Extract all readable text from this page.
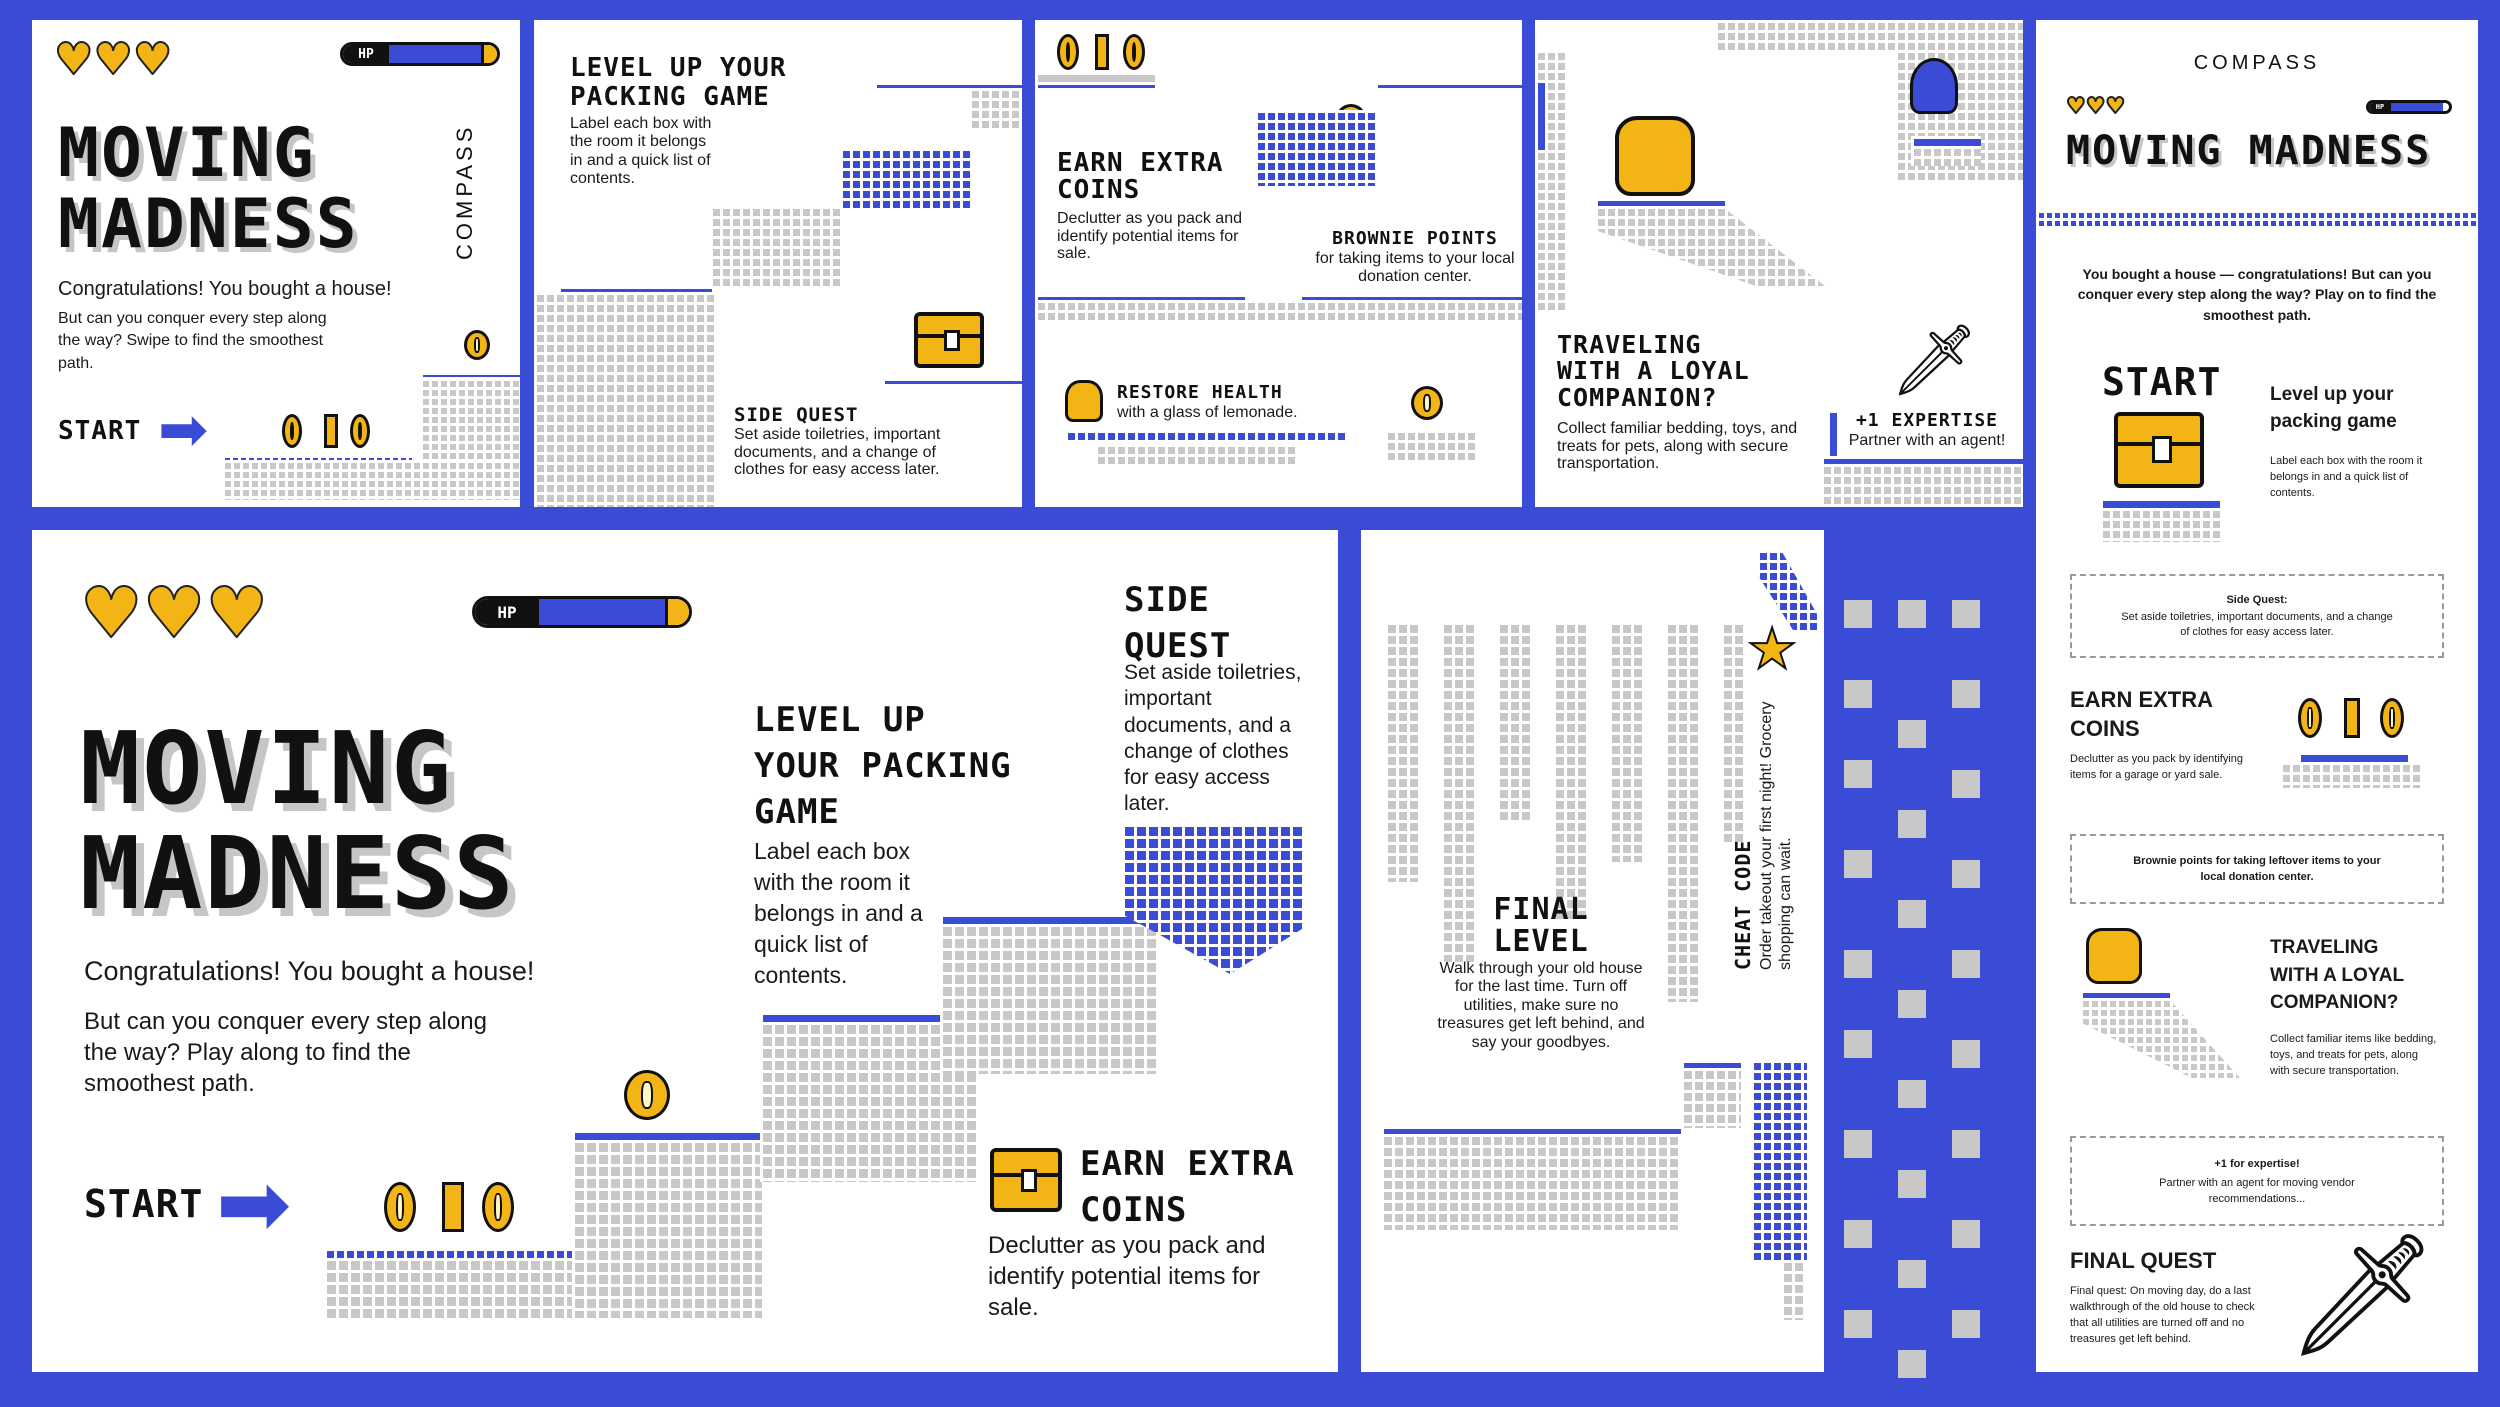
♥♥♥	HP
MOVING
MADNESS	COMPASS
Congratulations! You bought a house!
But can you conquer every step along the way? Swipe to find the smoothest path.
START ➡
LEVEL UP YOUR
PACKING GAME
Label each box with the room it belongs in and a quick list of contents.
SIDE QUEST
Set aside toiletries, important documents, and a change of clothes for easy access later.
EARN EXTRA
COINS
Declutter as you pack and identify potential items for sale.
BROWNIE POINTS
for taking items to your local donation center.
RESTORE HEALTH
with a glass of lemonade.
TRAVELING
WITH A LOYAL
COMPANION?
Collect familiar bedding, toys, and treats for pets, along with secure transportation.
🗡
+1 EXPERTISE
Partner with an agent!
COMPASS
♥♥♥	HP
MOVING MADNESS
You bought a house — congratulations! But can you conquer every step along the way? Play on to find the smoothest path.
START	Level up your packing game
Label each box with the room it belongs in and a quick list of contents.
Side Quest:
Set aside toiletries, important documents, and a change of clothes for easy access later.
EARN EXTRA
COINS
Declutter as you pack by identifying items for a garage or yard sale.
Brownie points for taking leftover items to your local donation center.
TRAVELING
WITH A LOYAL
COMPANION?
Collect familiar items like bedding, toys, and treats for pets, along with secure transportation.
+1 for expertise!
Partner with an agent for moving vendor recommendations...
FINAL QUEST
Final quest: On moving day, do a last walkthrough of the old house to check that all utilities are turned off and no treasures get left behind. 🗡
♥♥♥	HP
MOVING
MADNESS
Congratulations! You bought a house!
But can you conquer every step along the way? Play along to find the smoothest path.
START ➡
LEVEL UP
YOUR PACKING
GAME
Label each box with the room it belongs in and a quick list of contents.
SIDE
QUEST
Set aside toiletries, important documents, and a change of clothes for easy access later.
EARN EXTRA
COINS
Declutter as you pack and identify potential items for sale.
★
FINAL
LEVEL
Walk through your old house for the last time. Turn off utilities, make sure no treasures get left behind, and say your goodbyes.
CHEAT CODE Order takeout your first night! Grocery shopping can wait.
